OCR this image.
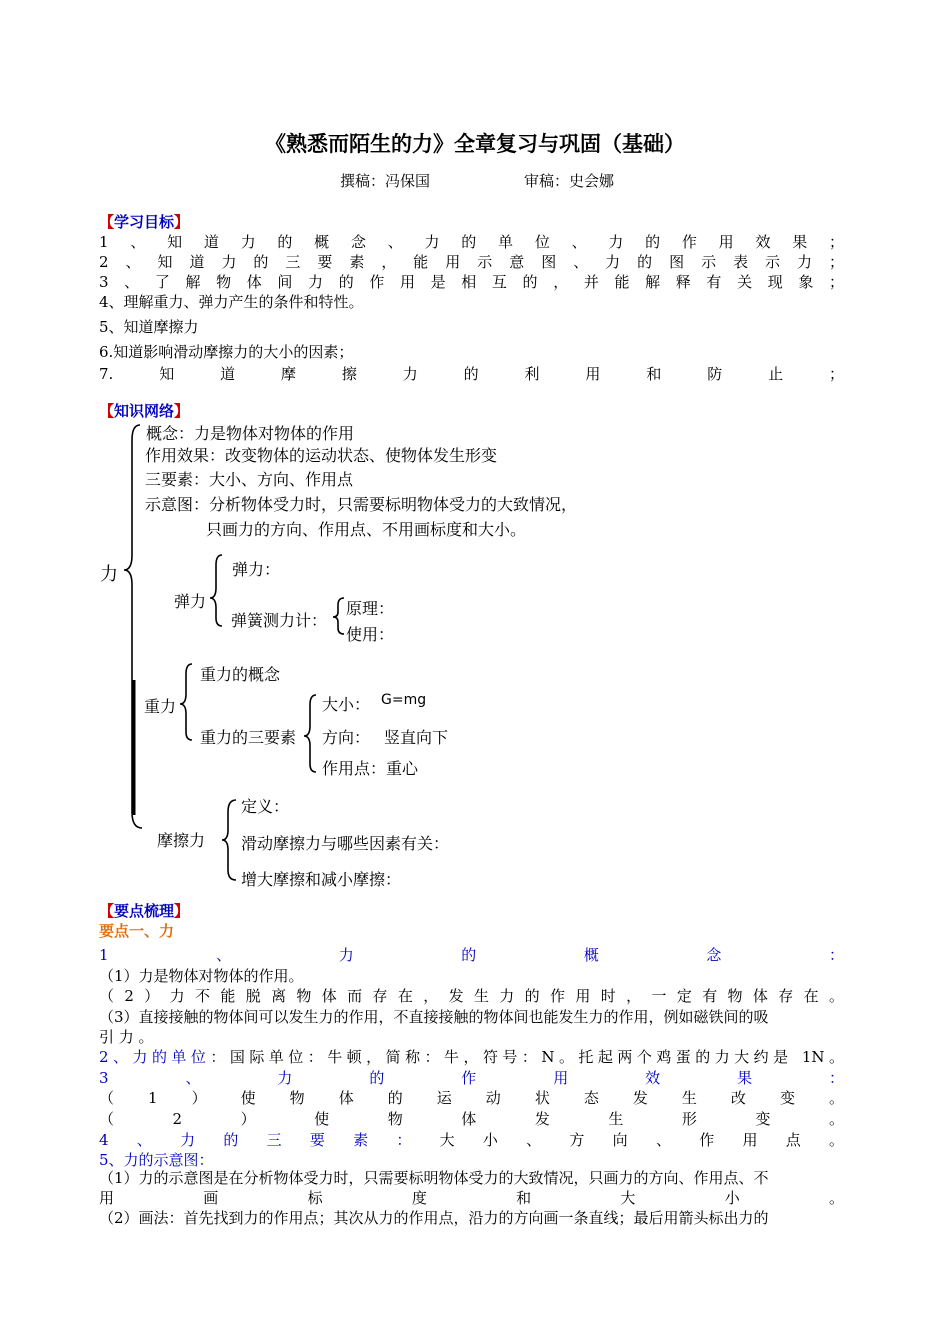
《熟悉而陌生的力》全章复习与巩固（基础）
撰稿：冯保国	审稿：史会娜
【学习目标】
1、知道力的概念、力的单位、力的作用效果；
2、知道力的三要素，能用示意图、力的图示表示力；
3、了解物体间力的作用是相互的，并能解释有关现象；
4、理解重力、弹力产生的条件和特性。
5、知道摩擦力
6.知道影响滑动摩擦力的大小的因素；
7.知道摩擦力的利用和防止；
【知识网络】
力
概念：力是物体对物体的作用
作用效果：改变物体的运动状态、使物体发生形变
三要素：大小、方向、作用点
示意图：分析物体受力时，只需要标明物体受力的大致情况，
只画力的方向、作用点、不用画标度和大小。
弹力
弹力：
弹簧测力计：
原理：
使用：
重力
重力的概念
重力的三要素
大小： G=mg
方向： 竖直向下
作用点：重心
摩擦力
定义：
滑动摩擦力与哪些因素有关：
增大摩擦和减小摩擦：
【要点梳理】
要点一、力
1、力的概念：
（1）力是物体对物体的作用。
（2）力不能脱离物体而存在，发生力的作用时，一定有物体存在。
（3）直接接触的物体间可以发生力的作用，不直接接触的物体间也能发生力的作用，例如磁铁间的吸
引 力 。
2、力的单位：国际单位：牛顿，简称：牛，符号：N。托起两个鸡蛋的力大约是 1N。
3、力的作用效果：
（1）使物体的运动状态发生改变。
（2）使物体发生形变。
4、力的三要素：大小、方向、作用点。
5、力的示意图：
（1）力的示意图是在分析物体受力时，只需要标明物体受力的大致情况，只画力的方向、作用点、不
用画标度和大小。
（2）画法：首先找到力的作用点；其次从力的作用点，沿力的方向画一条直线；最后用箭头标出力的
